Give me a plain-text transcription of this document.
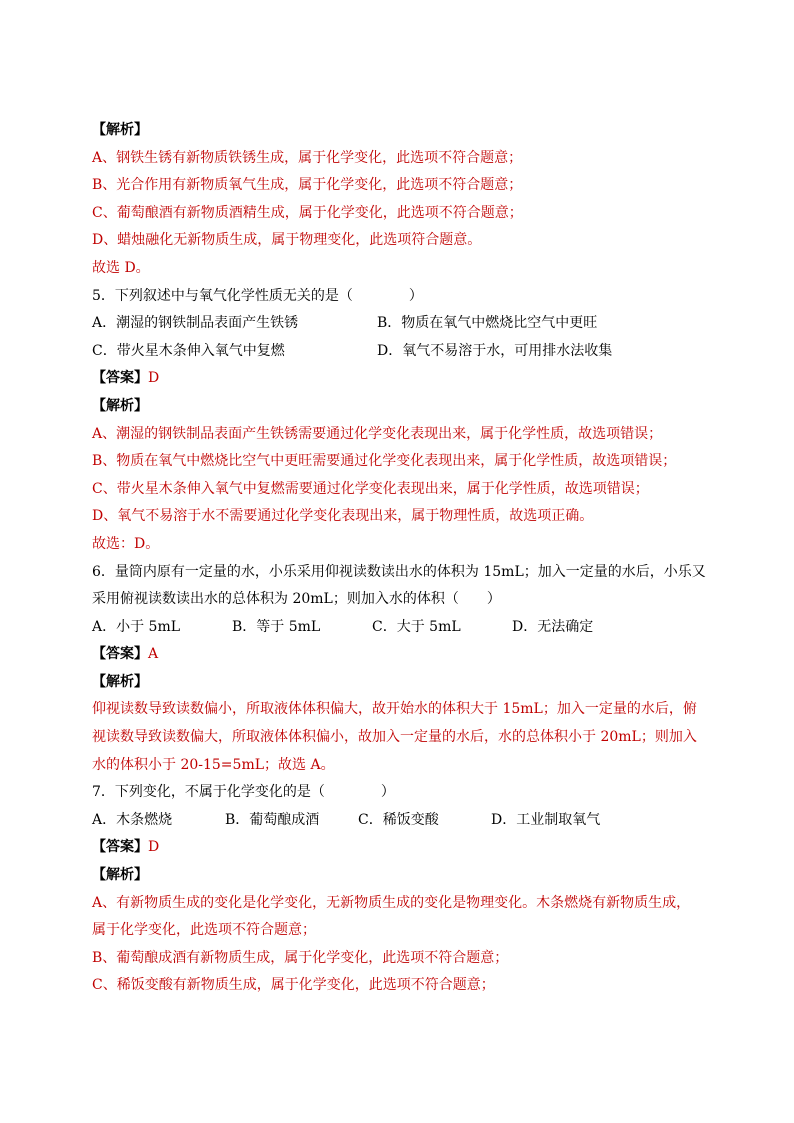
【解析】
A、钢铁生锈有新物质铁锈生成，属于化学变化，此选项不符合题意；
B、光合作用有新物质氧气生成，属于化学变化，此选项不符合题意；
C、葡萄酿酒有新物质酒精生成，属于化学变化，此选项不符合题意；
D、蜡烛融化无新物质生成，属于物理变化，此选项符合题意。
故选 D。
5．下列叙述中与氧气化学性质无关的是（　　　　）
A．潮湿的钢铁制品表面产生铁锈	B．物质在氧气中燃烧比空气中更旺
C．带火星木条伸入氧气中复燃	D．氧气不易溶于水，可用排水法收集
【答案】D
【解析】
A、潮湿的钢铁制品表面产生铁锈需要通过化学变化表现出来，属于化学性质，故选项错误；
B、物质在氧气中燃烧比空气中更旺需要通过化学变化表现出来，属于化学性质，故选项错误；
C、带火星木条伸入氧气中复燃需要通过化学变化表现出来，属于化学性质，故选项错误；
D、氧气不易溶于水不需要通过化学变化表现出来，属于物理性质，故选项正确。
故选：D。
6．量筒内原有一定量的水，小乐采用仰视读数读出水的体积为 15mL；加入一定量的水后，小乐又
采用俯视读数读出水的总体积为 20mL；则加入水的体积（　　）
A．小于 5mL	B．等于 5mL	C．大于 5mL	D．无法确定
【答案】A
【解析】
仰视读数导致读数偏小，所取液体体积偏大，故开始水的体积大于 15mL；加入一定量的水后，俯
视读数导致读数偏大，所取液体体积偏小，故加入一定量的水后，水的总体积小于 20mL；则加入
水的体积小于 20-15=5mL；故选 A。
7．下列变化，不属于化学变化的是（　　　　）
A．木条燃烧	B．葡萄酿成酒	C．稀饭变酸	D．工业制取氧气
【答案】D
【解析】
A、有新物质生成的变化是化学变化，无新物质生成的变化是物理变化。木条燃烧有新物质生成，
属于化学变化，此选项不符合题意；
B、葡萄酿成酒有新物质生成，属于化学变化，此选项不符合题意；
C、稀饭变酸有新物质生成，属于化学变化，此选项不符合题意；
